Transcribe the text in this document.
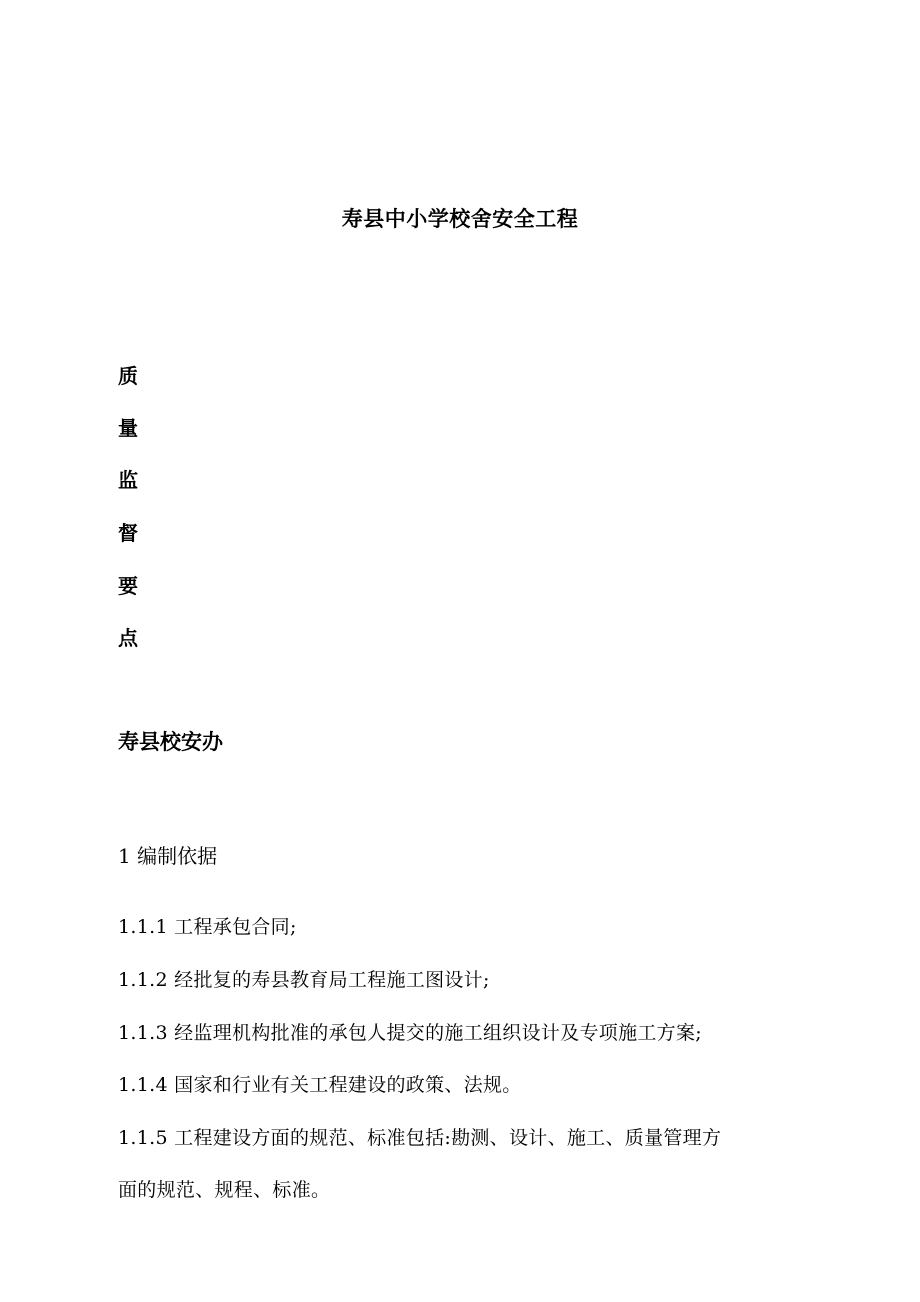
寿县中小学校舍安全工程
质
量
监
督
要
点
寿县校安办
1 编制依据
1.1.1 工程承包合同;
1.1.2 经批复的寿县教育局工程施工图设计;
1.1.3 经监理机构批准的承包人提交的施工组织设计及专项施工方案;
1.1.4 国家和行业有关工程建设的政策、法规。
1.1.5 工程建设方面的规范、标准包括:勘测、设计、施工、质量管理方
面的规范、规程、标准。
